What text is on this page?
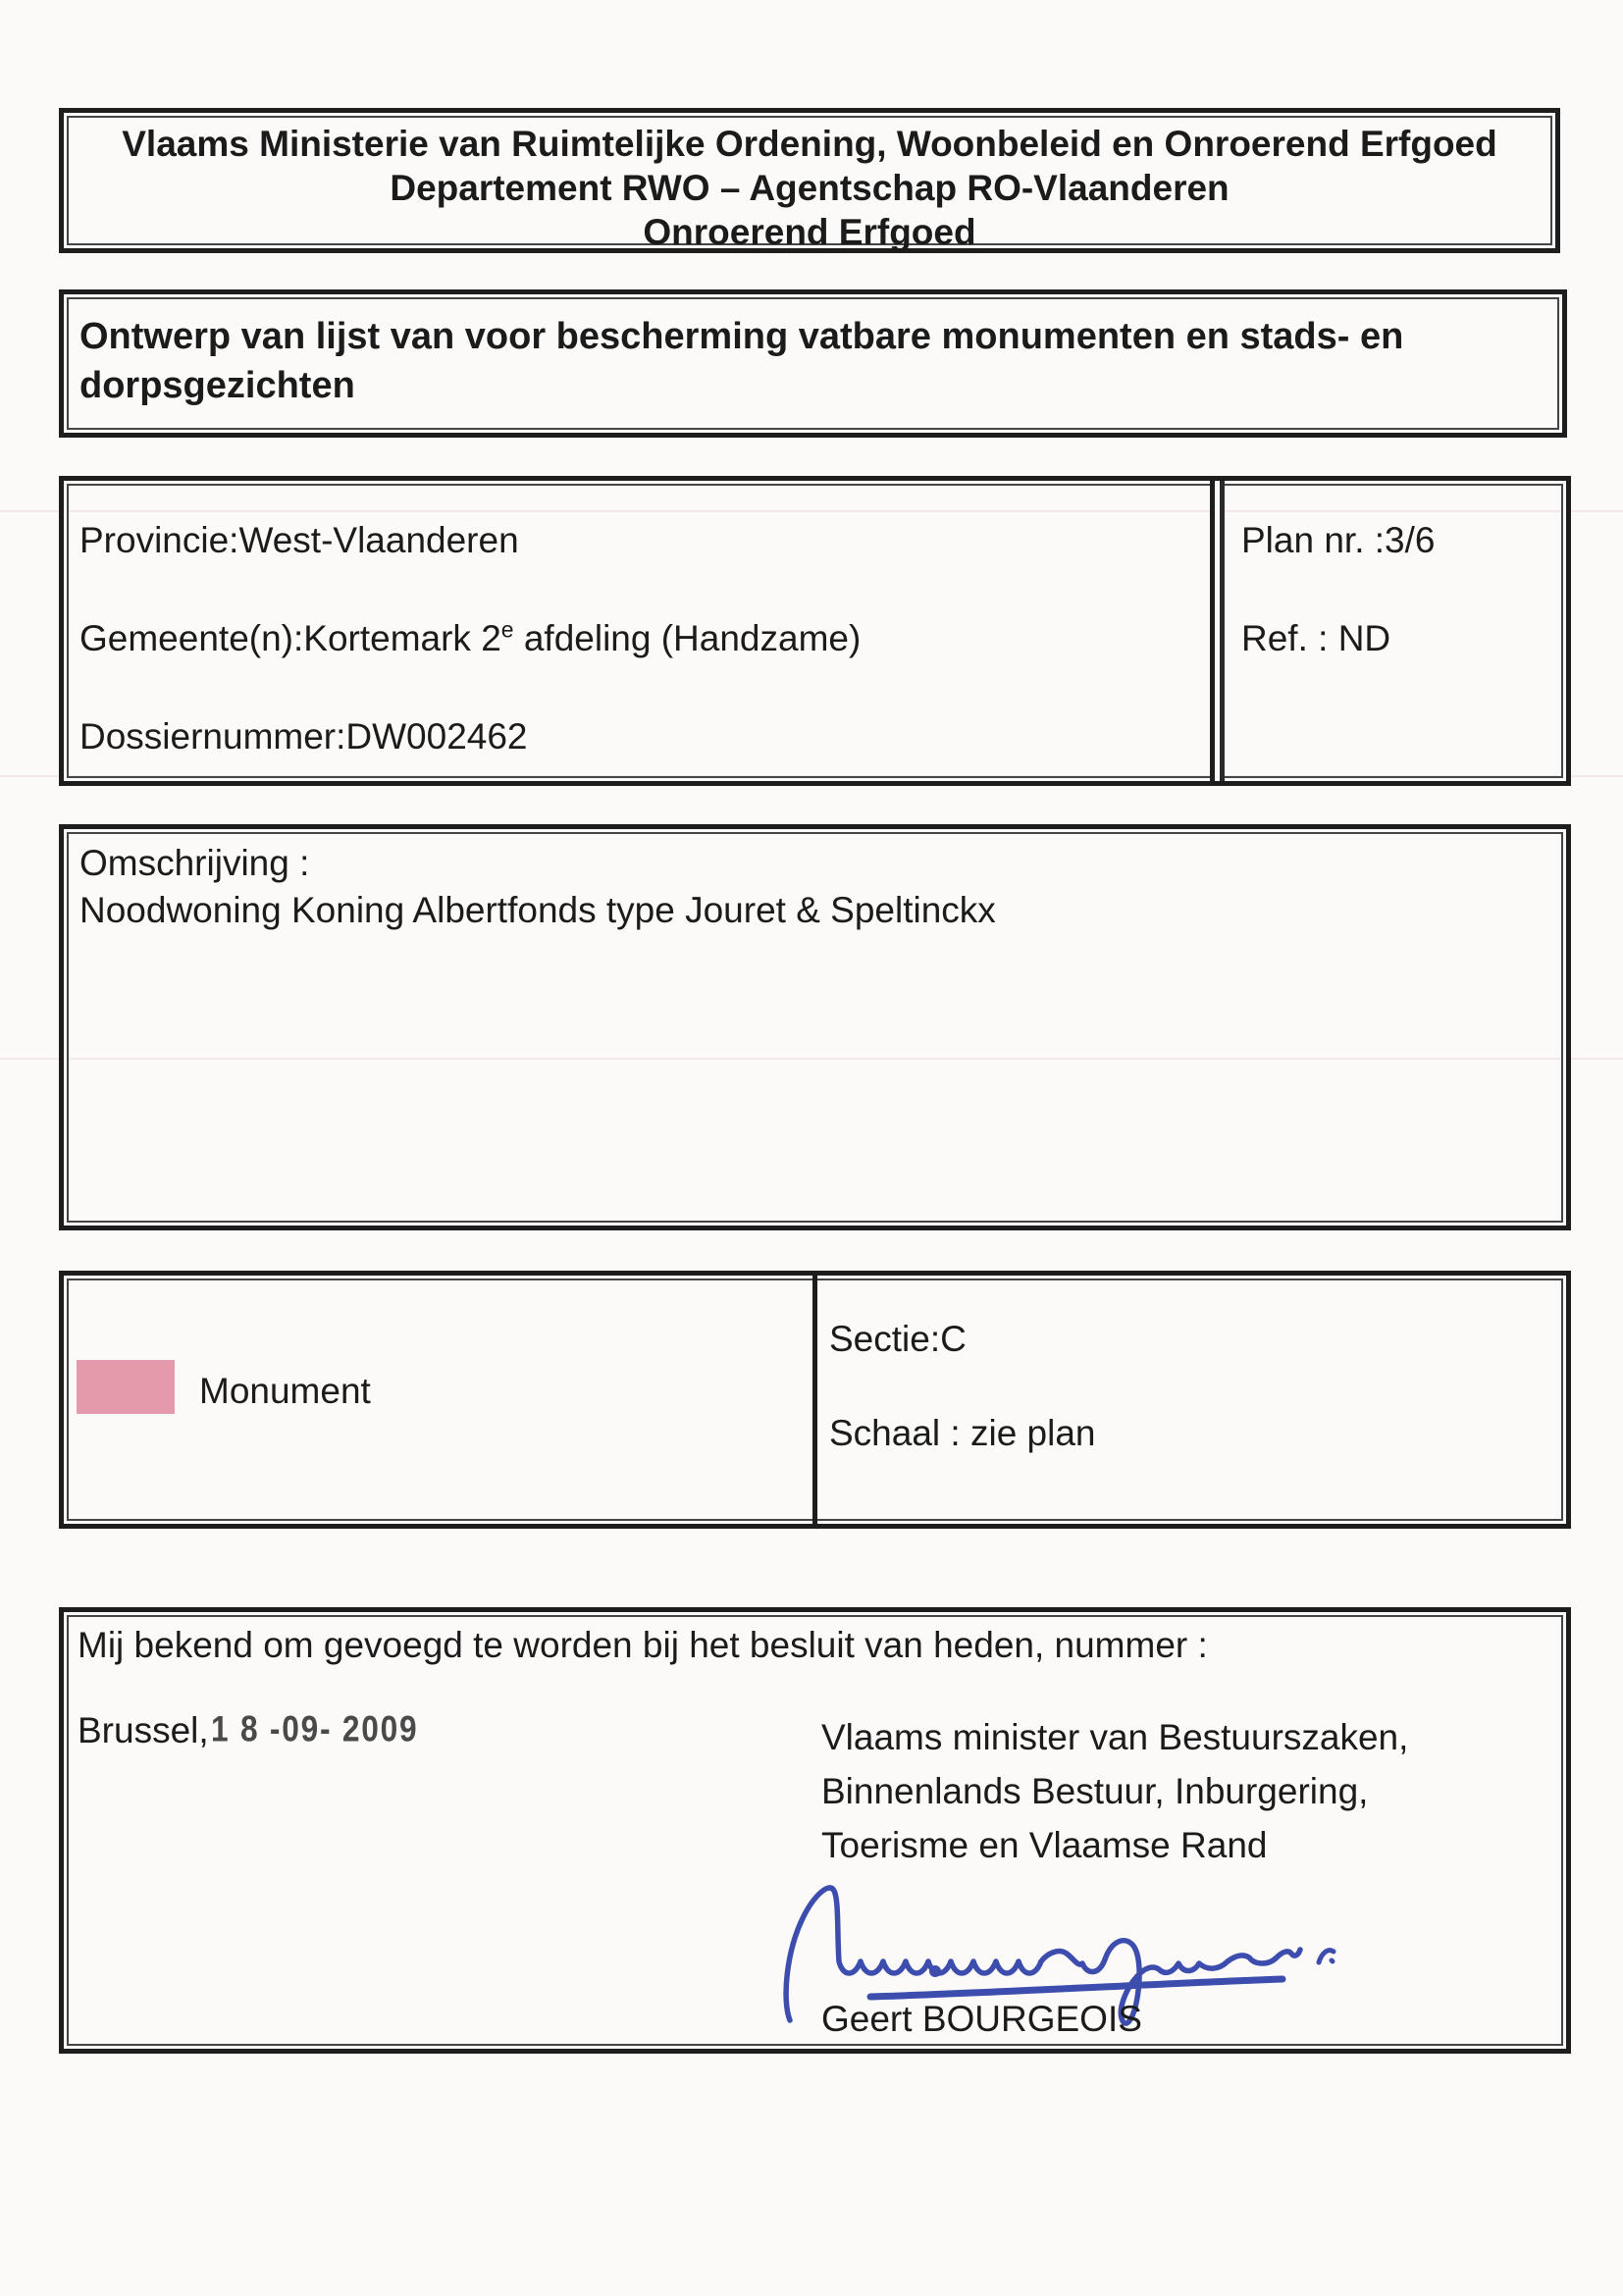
Vlaams Ministerie van Ruimtelijke Ordening, Woonbeleid en Onroerend Erfgoed
Departement RWO – Agentschap RO-Vlaanderen
Onroerend Erfgoed
Ontwerp van lijst van voor bescherming vatbare monumenten en stads- en dorpsgezichten
Provincie:West-Vlaanderen
Gemeente(n):Kortemark 2e afdeling (Handzame)
Dossiernummer:DW002462
Plan nr. :3/6
Ref. : ND
Omschrijving :
Noodwoning Koning Albertfonds type Jouret & Speltinckx
Monument
Sectie:C
Schaal : zie plan
Mij bekend om gevoegd te worden bij het besluit van heden, nummer :
Brussel, 1 8 -09- 2009	Vlaams minister van Bestuurszaken,
Binnenlands Bestuur, Inburgering,
Toerisme en Vlaamse Rand
Geert BOURGEOIS
